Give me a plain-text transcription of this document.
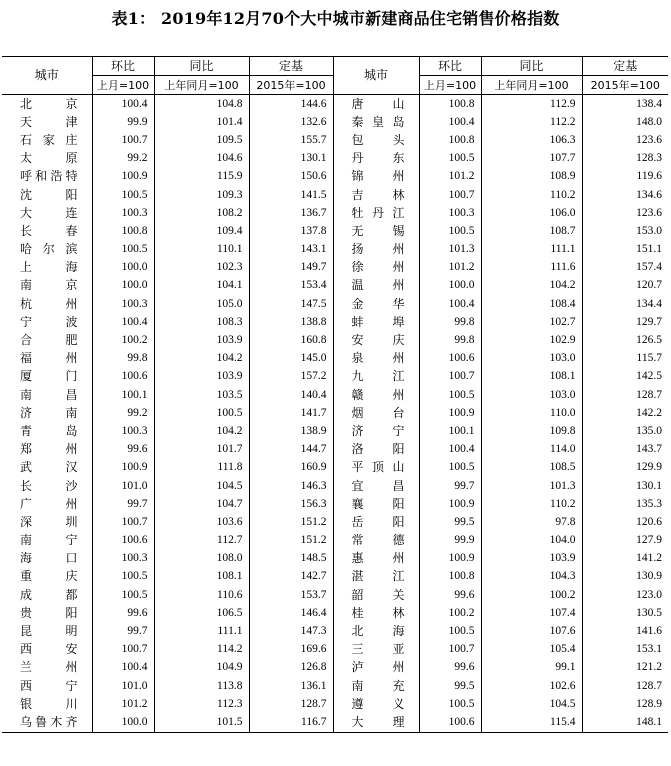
表1： 2019年12月70个大中城市新建商品住宅销售价格指数
城市	环比	同比	定基	城市	环比	同比	定基
	上月=100	上年同月=100	2015年=100		上月=100	上年同月=100	2015年=100
北京	100.4	104.8	144.6	唐山	100.8	112.9	138.4
天津	99.9	101.4	132.6	秦皇岛	100.4	112.2	148.0
石家庄	100.7	109.5	155.7	包头	100.8	106.3	123.6
太原	99.2	104.6	130.1	丹东	100.5	107.7	128.3
呼和浩特	100.9	115.9	150.6	锦州	101.2	108.9	119.6
沈阳	100.5	109.3	141.5	吉林	100.7	110.2	134.6
大连	100.3	108.2	136.7	牡丹江	100.3	106.0	123.6
长春	100.8	109.4	137.8	无锡	100.5	108.7	153.0
哈尔滨	100.5	110.1	143.1	扬州	101.3	111.1	151.1
上海	100.0	102.3	149.7	徐州	101.2	111.6	157.4
南京	100.0	104.1	153.4	温州	100.0	104.2	120.7
杭州	100.3	105.0	147.5	金华	100.4	108.4	134.4
宁波	100.4	108.3	138.8	蚌埠	99.8	102.7	129.7
合肥	100.2	103.9	160.8	安庆	99.8	102.9	126.5
福州	99.8	104.2	145.0	泉州	100.6	103.0	115.7
厦门	100.6	103.9	157.2	九江	100.7	108.1	142.5
南昌	100.1	103.5	140.4	赣州	100.5	103.0	128.7
济南	99.2	100.5	141.7	烟台	100.9	110.0	142.2
青岛	100.3	104.2	138.9	济宁	100.1	109.8	135.0
郑州	99.6	101.7	144.7	洛阳	100.4	114.0	143.7
武汉	100.9	111.8	160.9	平顶山	100.5	108.5	129.9
长沙	101.0	104.5	146.3	宜昌	99.7	101.3	130.1
广州	99.7	104.7	156.3	襄阳	100.9	110.2	135.3
深圳	100.7	103.6	151.2	岳阳	99.5	97.8	120.6
南宁	100.6	112.7	151.2	常德	99.9	104.0	127.9
海口	100.3	108.0	148.5	惠州	100.9	103.9	141.2
重庆	100.5	108.1	142.7	湛江	100.8	104.3	130.9
成都	100.5	110.6	153.7	韶关	99.6	100.2	123.0
贵阳	99.6	106.5	146.4	桂林	100.2	107.4	130.5
昆明	99.7	111.1	147.3	北海	100.5	107.6	141.6
西安	100.7	114.2	169.6	三亚	100.7	105.4	153.1
兰州	100.4	104.9	126.8	泸州	99.6	99.1	121.2
西宁	101.0	113.8	136.1	南充	99.5	102.6	128.7
银川	101.2	112.3	128.7	遵义	100.5	104.5	128.9
乌鲁木齐	100.0	101.5	116.7	大理	100.6	115.4	148.1
